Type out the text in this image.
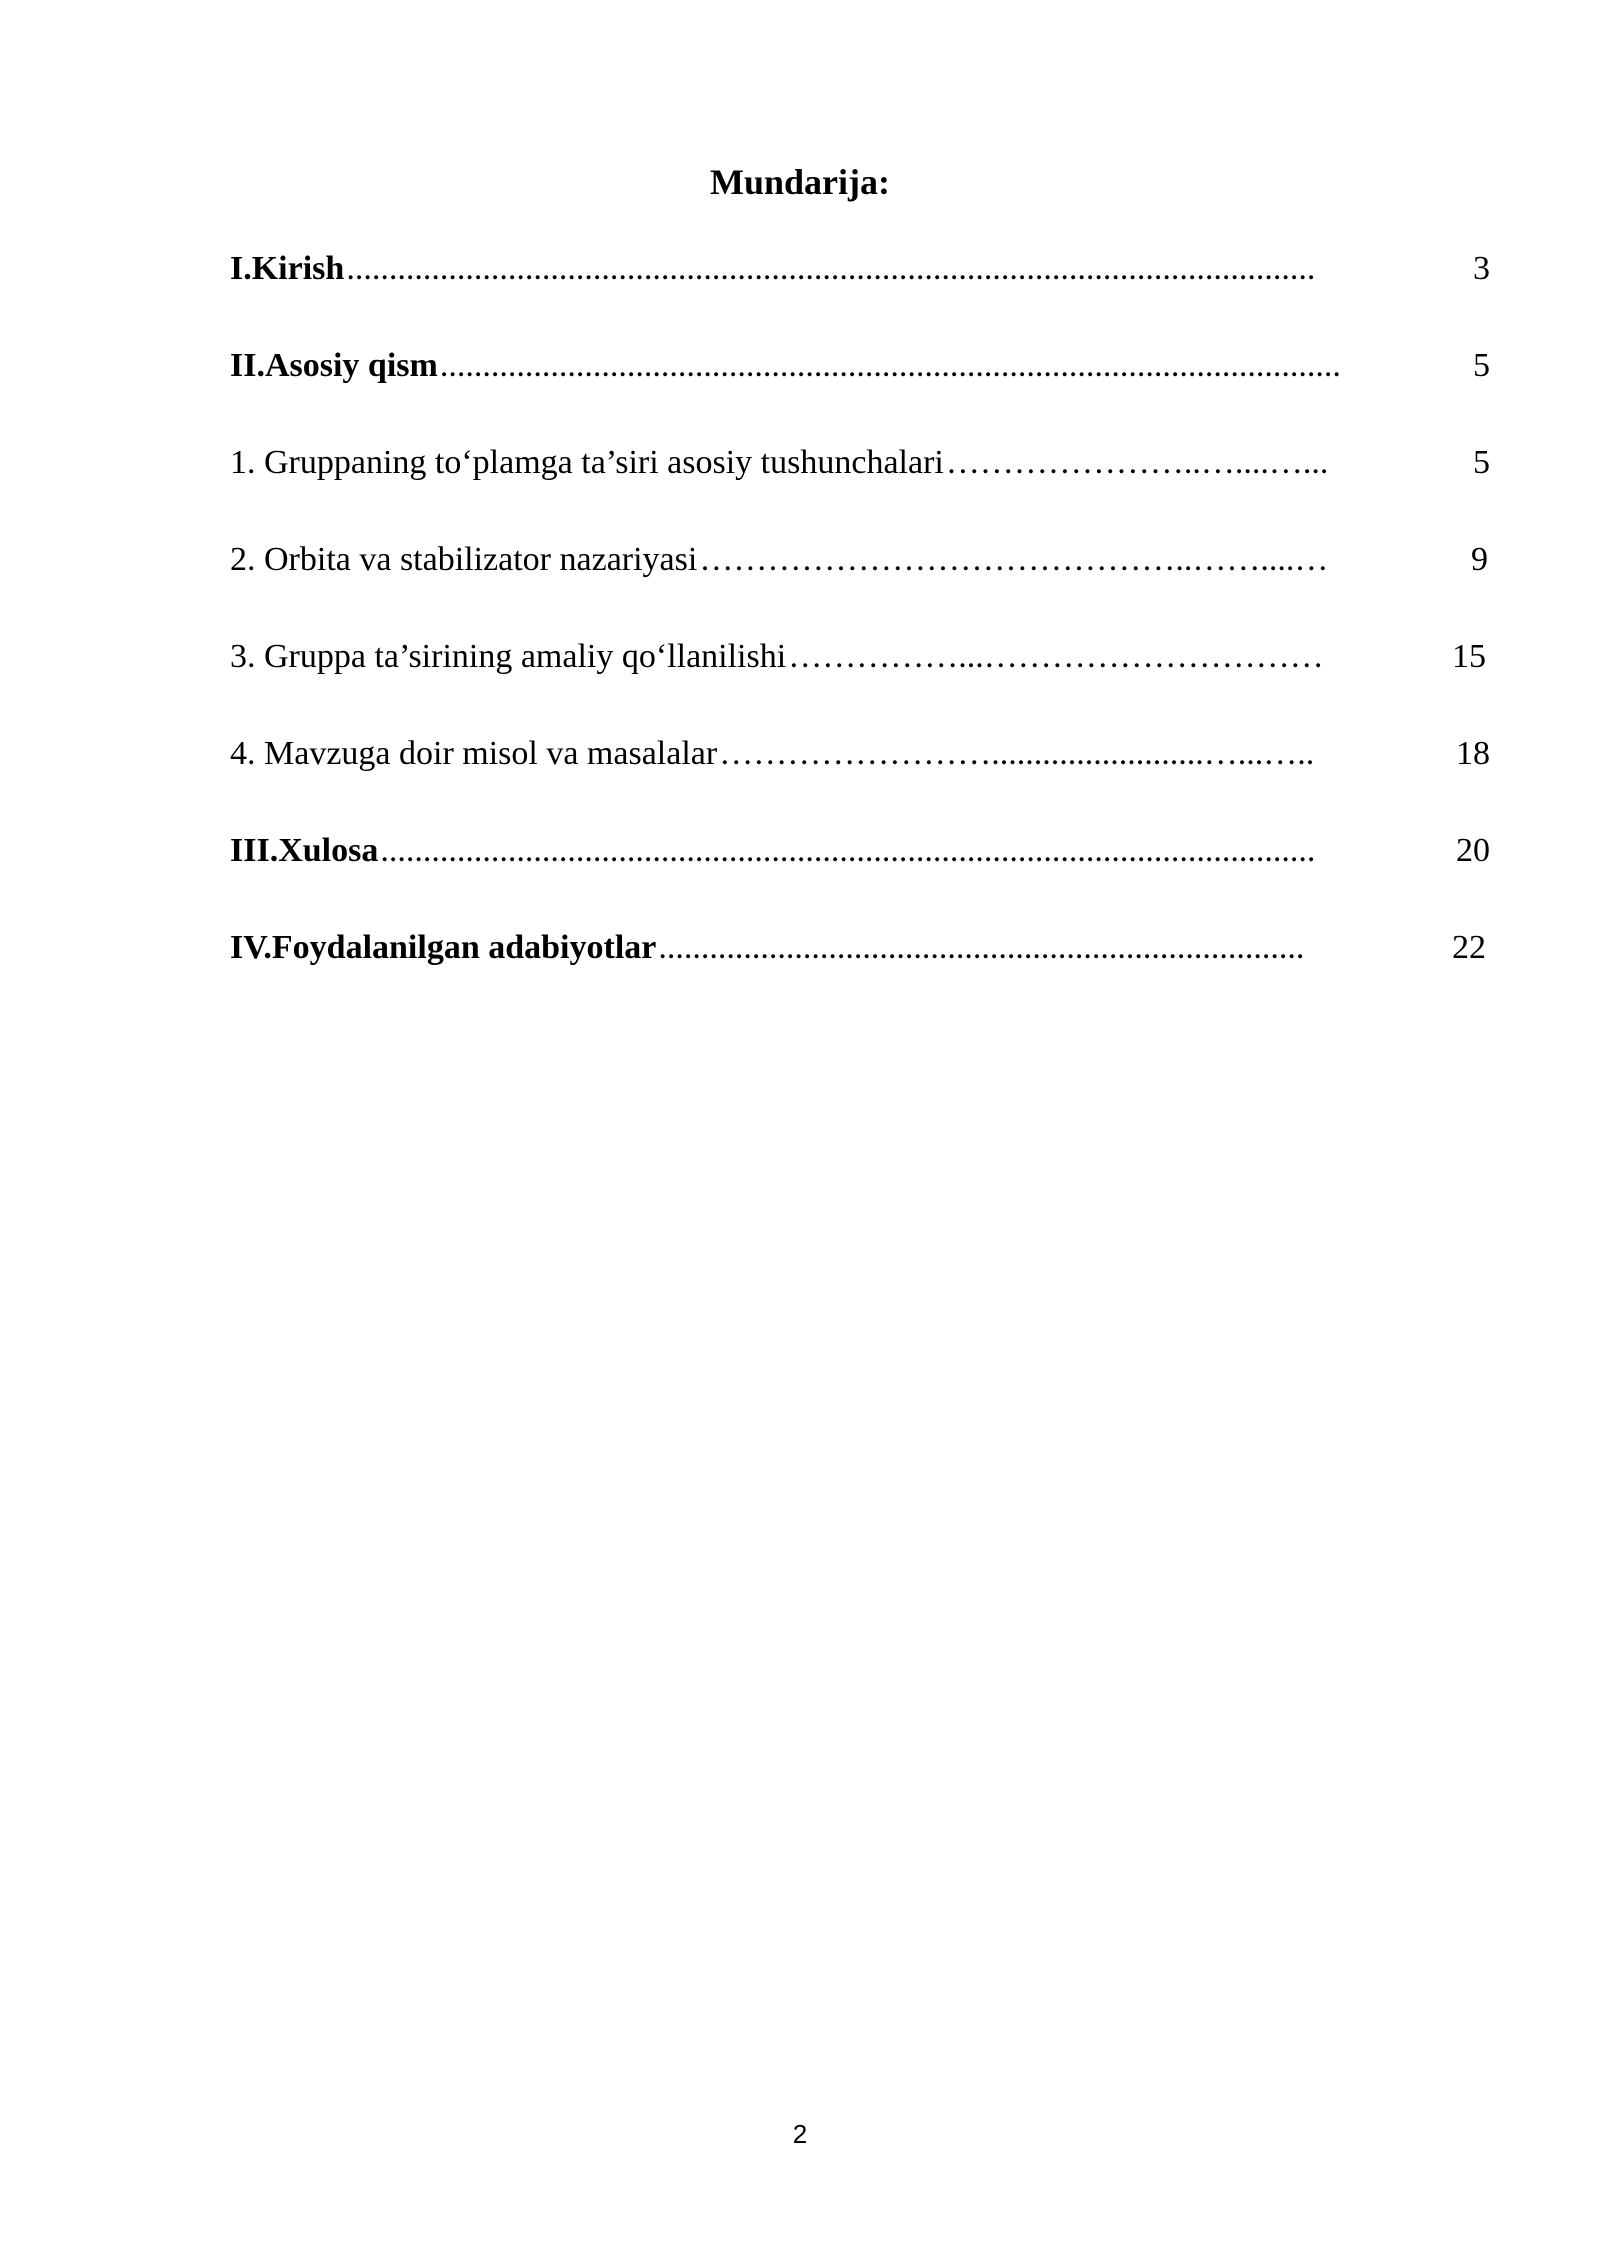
Mundarija:
I.Kirish ..................................................................................................................	3
II.Asosiy qism ..........................................................................................................	5
1. Gruppaning to‘plamga ta’siri asosiy tushunchalari …………………..…....…...	5
2. Orbita va stabilizator nazariyasi ……………………………………..……....…	9
3. Gruppa ta’sirining amaliy qo‘llanilishi ……………...…………………………	15
4. Mavzuga doir misol va masalalar …………………….........................…...…..	18
III.Xulosa ..............................................................................................................	20
IV.Foydalanilgan adabiyotlar ............................................................................	22
2
